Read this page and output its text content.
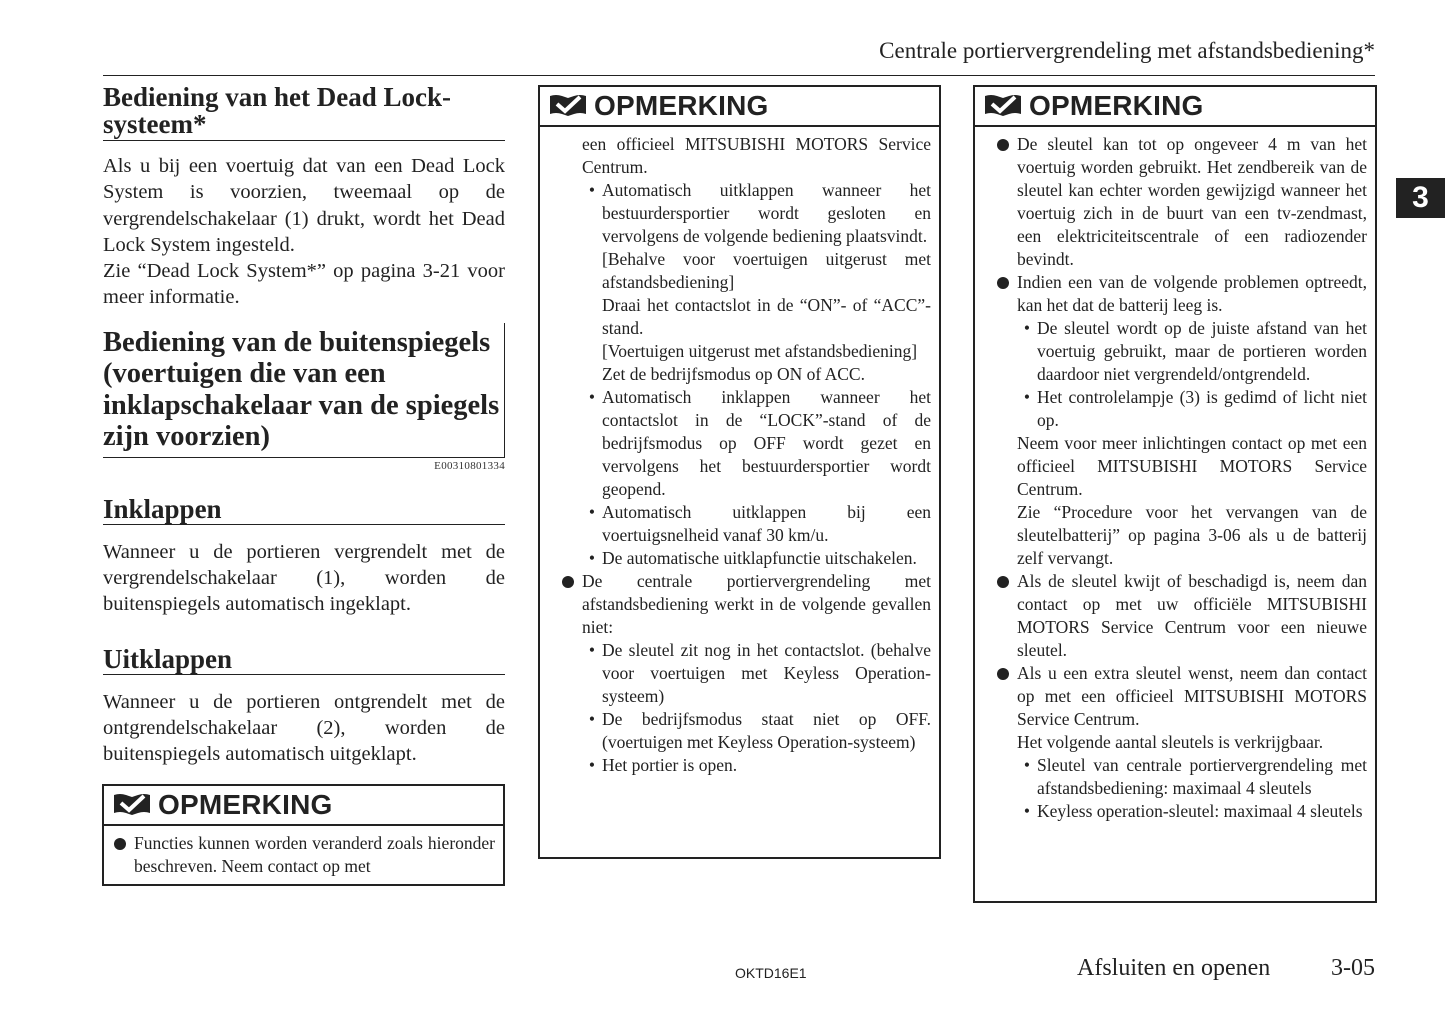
Centrale portiervergrendeling met afstandsbediening*
3
Bediening van het Dead Lock-systeem*

Als u bij een voertuig dat van een Dead Lock System is voorzien, tweemaal op de vergrendelschakelaar (1) drukt, wordt het Dead Lock System ingesteld.

Zie “Dead Lock System*” op pagina 3-21 voor meer informatie.

Bediening van de buitenspiegels (voertuigen die van een inklapschakelaar van de spiegels zijn voorzien)
E00310801334
Inklappen

Wanneer u de portieren vergrendelt met de vergrendelschakelaar (1), worden de buitenspiegels automatisch ingeklapt.

Uitklappen

Wanneer u de portieren ontgrendelt met de ontgrendelschakelaar (2), worden de buitenspiegels automatisch uitgeklapt.

OPMERKING
Functies kunnen worden veranderd zoals hieronder beschreven. Neem contact op met
OPMERKING

een officieel MITSUBISHI MOTORS Service Centrum.

• Automatisch uitklappen wanneer het bestuurdersportier wordt gesloten en vervolgens de volgende bediening plaatsvindt.

[Behalve voor voertuigen uitgerust met afstandsbediening]

Draai het contactslot in de “ON”- of “ACC”-stand.

[Voertuigen uitgerust met afstandsbediening]

Zet de bedrijfsmodus op ON of ACC.

• Automatisch inklappen wanneer het contactslot in de “LOCK”-stand of de bedrijfsmodus op OFF wordt gezet en vervolgens het bestuurdersportier wordt geopend.

• Automatisch uitklappen bij een voertuigsnelheid vanaf 30 km/u.

• De automatische uitklapfunctie uitschakelen.

De centrale portiervergrendeling met afstandsbediening werkt in de volgende gevallen niet:

• De sleutel zit nog in het contactslot. (behalve voor voertuigen met Keyless Operation-systeem)

• De bedrijfsmodus staat niet op OFF. (voertuigen met Keyless Operation-systeem)

• Het portier is open.

OPMERKING

De sleutel kan tot op ongeveer 4 m van het voertuig worden gebruikt. Het zendbereik van de sleutel kan echter worden gewijzigd wanneer het voertuig zich in de buurt van een tv-zendmast, een elektriciteitscentrale of een radiozender bevindt.

Indien een van de volgende problemen optreedt, kan het dat de batterij leeg is.

• De sleutel wordt op de juiste afstand van het voertuig gebruikt, maar de portieren worden daardoor niet vergrendeld/ontgrendeld.

• Het controlelampje (3) is gedimd of licht niet op.

Neem voor meer inlichtingen contact op met een officieel MITSUBISHI MOTORS Service Centrum.

Zie “Procedure voor het vervangen van de sleutelbatterij” op pagina 3-06 als u de batterij zelf vervangt.

Als de sleutel kwijt of beschadigd is, neem dan contact op met uw officiële MITSUBISHI MOTORS Service Centrum voor een nieuwe sleutel.

Als u een extra sleutel wenst, neem dan contact op met een officieel MITSUBISHI MOTORS Service Centrum.

Het volgende aantal sleutels is verkrijgbaar.

• Sleutel van centrale portiervergrendeling met afstandsbediening: maximaal 4 sleutels

• Keyless operation-sleutel: maximaal 4 sleutels

OKTD16E1	Afsluiten en openen	3-05
